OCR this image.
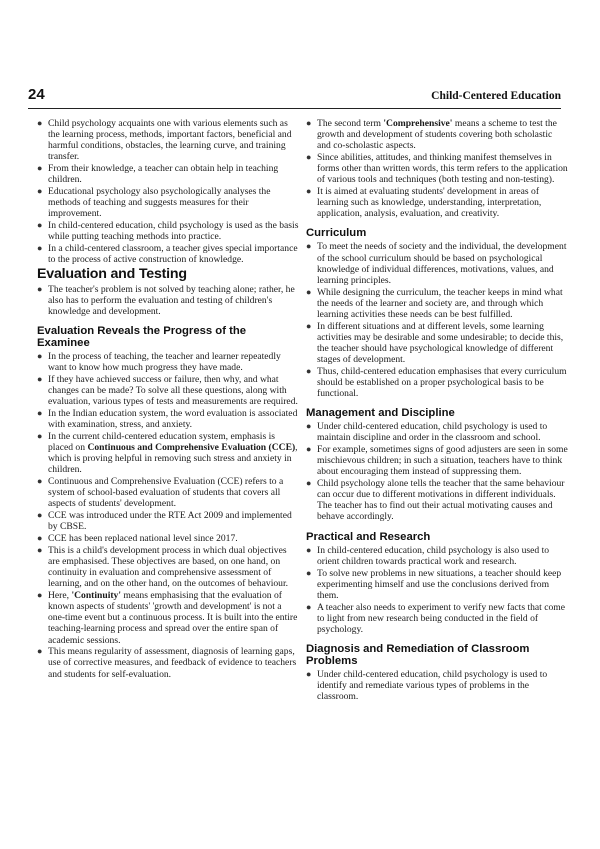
24	Child-Centered Education
● Child psychology acquaints one with various elements such as the learning process, methods, important factors, beneficial and harmful conditions, obstacles, the learning curve, and training transfer.
● From their knowledge, a teacher can obtain help in teaching children.
● Educational psychology also psychologically analyses the methods of teaching and suggests measures for their improvement.
● In child-centered education, child psychology is used as the basis while putting teaching methods into practice.
● In a child-centered classroom, a teacher gives special importance to the process of active construction of knowledge.
Evaluation and Testing
● The teacher's problem is not solved by teaching alone; rather, he also has to perform the evaluation and testing of children's knowledge and development.
Evaluation Reveals the Progress of the Examinee
● In the process of teaching, the teacher and learner repeatedly want to know how much progress they have made.
● If they have achieved success or failure, then why, and what changes can be made? To solve all these questions, along with evaluation, various types of tests and measurements are required.
● In the Indian education system, the word evaluation is associated with examination, stress, and anxiety.
● In the current child-centered education system, emphasis is placed on Continuous and Comprehensive Evaluation (CCE), which is proving helpful in removing such stress and anxiety in children.
● Continuous and Comprehensive Evaluation (CCE) refers to a system of school-based evaluation of students that covers all aspects of students' development.
● CCE was introduced under the RTE Act 2009 and implemented by CBSE.
● CCE has been replaced national level since 2017.
● This is a child's development process in which dual objectives are emphasised. These objectives are based, on one hand, on continuity in evaluation and comprehensive assessment of learning, and on the other hand, on the outcomes of behaviour.
● Here, 'Continuity' means emphasising that the evaluation of known aspects of students' 'growth and development' is not a one-time event but a continuous process. It is built into the entire teaching-learning process and spread over the entire span of academic sessions.
● This means regularity of assessment, diagnosis of learning gaps, use of corrective measures, and feedback of evidence to teachers and students for self-evaluation.
● The second term 'Comprehensive' means a scheme to test the growth and development of students covering both scholastic and co-scholastic aspects.
● Since abilities, attitudes, and thinking manifest themselves in forms other than written words, this term refers to the application of various tools and techniques (both testing and non-testing).
● It is aimed at evaluating students' development in areas of learning such as knowledge, understanding, interpretation, application, analysis, evaluation, and creativity.
Curriculum
● To meet the needs of society and the individual, the development of the school curriculum should be based on psychological knowledge of individual differences, motivations, values, and learning principles.
● While designing the curriculum, the teacher keeps in mind what the needs of the learner and society are, and through which learning activities these needs can be best fulfilled.
● In different situations and at different levels, some learning activities may be desirable and some undesirable; to decide this, the teacher should have psychological knowledge of different stages of development.
● Thus, child-centered education emphasises that every curriculum should be established on a proper psychological basis to be functional.
Management and Discipline
● Under child-centered education, child psychology is used to maintain discipline and order in the classroom and school.
● For example, sometimes signs of good adjusters are seen in some mischievous children; in such a situation, teachers have to think about encouraging them instead of suppressing them.
● Child psychology alone tells the teacher that the same behaviour can occur due to different motivations in different individuals. The teacher has to find out their actual motivating causes and behave accordingly.
Practical and Research
● In child-centered education, child psychology is also used to orient children towards practical work and research.
● To solve new problems in new situations, a teacher should keep experimenting himself and use the conclusions derived from them.
● A teacher also needs to experiment to verify new facts that come to light from new research being conducted in the field of psychology.
Diagnosis and Remediation of Classroom Problems
● Under child-centered education, child psychology is used to identify and remediate various types of problems in the classroom.
